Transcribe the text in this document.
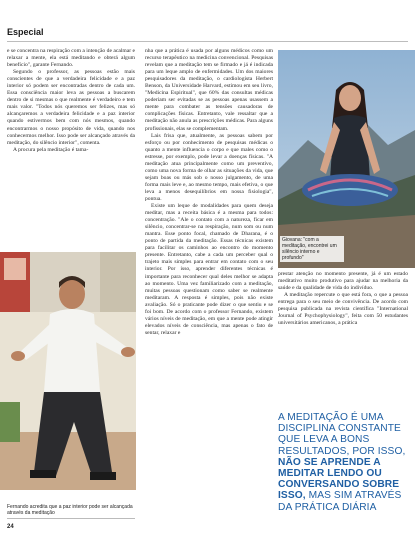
Especial

e se concentra na respiração com a intenção de acalmar e relaxar a mente, ela está meditando e obterá algum benefício", garante Fernando.

Segundo o professor, as pessoas estão mais conscientes de que a verdadeira felicidade e a paz interior só podem ser encontradas dentro de cada um. Essa consciência maior leva as pessoas a buscarem dentro de si mesmas o que realmente é verdadeiro e tem mais valor. "Todos nós queremos ser felizes, mas só alcançaremos a verdadeira felicidade e a paz interior quando estivermos bem com nós mesmos, quando encontrarmos o nosso propósito de vida, quando nos conhecermos melhor. Isso pode ser alcançado através da meditação, do silêncio interior", comenta.

A procura pela meditação é tama-

Fernando acredita que a paz interior pode ser alcançada através da meditação
24

nha que a prática é usada por alguns médicos como um recurso terapêutico na medicina convencional. Pesquisas revelam que a meditação tem se firmado e já é indicada para um leque amplo de enfermidades. Um dos maiores pesquisadores da meditação, o cardiologista Herbert Benson, da Universidade Harvard, estimou em seu livro, "Medicina Espiritual", que 60% das consultas médicas poderiam ser evitadas se as pessoas apenas usassem a mente para combater as tensões causadoras de complicações físicas. Entretanto, vale ressaltar que a meditação não anula as prescrições médicas. Para alguns profissionais, elas se complementam.

Lais frisa que, atualmente, as pessoas sabem por esforço ou por conhecimento de pesquisas médicas o quanto a mente influencia o corpo e que males como o estresse, por exemplo, pode levar a doenças físicas. "A meditação atua principalmente como um preventivo, como uma nova forma de olhar as situações da vida, que sejam boas ou más sob o nosso julgamento, de uma forma mais leve e, ao mesmo tempo, mais efetiva, o que leva a menos desequilíbrios em nossa fisiologia", pontua.

Existe um leque de modalidades para quem deseja meditar, mas a receita básica é a mesma para todos: concentração. "Ale o contato com a natureza, ficar em silêncio, concentrar-se na respiração, num som ou num mantra. Esse ponto focal, chamado de Dharana, é o ponto de partida da meditação. Essas técnicas existem para facilitar os caminhos ao encontro do momento presente. Entretanto, cabe a cada um perceber qual o trajeto mais simples para entrar em contato com o seu interior. Por isso, aprender diferentes técnicas é importante para reconhecer qual deles melhor se adapta ao momento. Uma vez familiarizado com a meditação, muitas pessoas questionam como saber se realmente meditaram. A resposta é simples, pois não existe avaliação. Só o praticante pode dizer o que sentiu e se foi bom. De acordo com o professor Fernando, existem vários níveis de meditação, em que a mente pode atingir elevados níveis de consciência, mas apenas o fato de sentar, relaxar e

Giovana: "com a meditação, encontrei um silêncio interno e profundo"

prestar atenção no momento presente, já é um estado meditativo muito produtivo para ajudar na melhoria da saúde e da qualidade de vida do indivíduo.

A meditação repercute o que está fora, o que a pessoa entrega para o seu meio de convivência. De acordo com pesquisa publicada na revista científica "International Journal of Psychophysiology", feita com 50 estudantes universitários americanos, a prática

A MEDITAÇÃO É UMA DISCIPLINA CONSTANTE QUE LEVA A BONS RESULTADOS, POR ISSO, NÃO SE APRENDE A MEDITAR LENDO OU CONVERSANDO SOBRE ISSO, MAS SIM ATRAVÉS DA PRÁTICA DIÁRIA
